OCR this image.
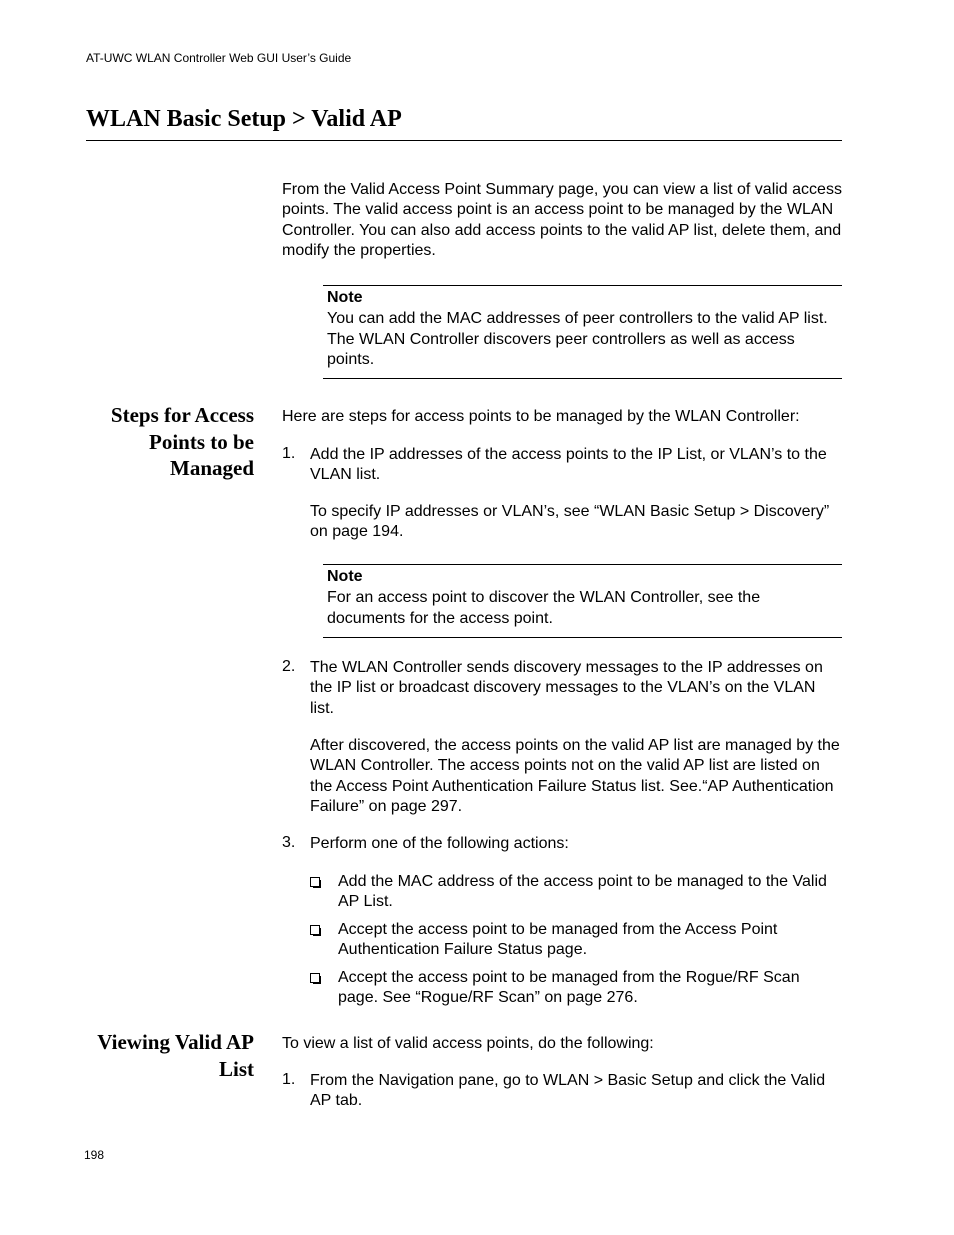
AT-UWC WLAN Controller Web GUI User’s Guide
WLAN Basic Setup > Valid AP

From the Valid Access Point Summary page, you can view a list of valid access points. The valid access point is an access point to be managed by the WLAN Controller. You can also add access points to the valid AP list, delete them, and modify the properties.

Note
You can add the MAC addresses of peer controllers to the valid AP list. The WLAN Controller discovers peer controllers as well as access points.
Steps for Access Points to be Managed

Here are steps for access points to be managed by the WLAN Controller:

1. Add the IP addresses of the access points to the IP List, or VLAN’s to the VLAN list.

To specify IP addresses or VLAN’s, see “WLAN Basic Setup > Discovery” on page 194.

Note
For an access point to discover the WLAN Controller, see the documents for the access point.
2. The WLAN Controller sends discovery messages to the IP addresses on the IP list or broadcast discovery messages to the VLAN’s on the VLAN list.

After discovered, the access points on the valid AP list are managed by the WLAN Controller. The access points not on the valid AP list are listed on the Access Point Authentication Failure Status list. See.“AP Authentication Failure” on page 297.

3. Perform one of the following actions:

Add the MAC address of the access point to be managed to the Valid AP List.

Accept the access point to be managed from the Access Point Authentication Failure Status page.

Accept the access point to be managed from the Rogue/RF Scan page. See “Rogue/RF Scan” on page 276.

Viewing Valid AP List

To view a list of valid access points, do the following:

1. From the Navigation pane, go to WLAN > Basic Setup and click the Valid AP tab.

198
